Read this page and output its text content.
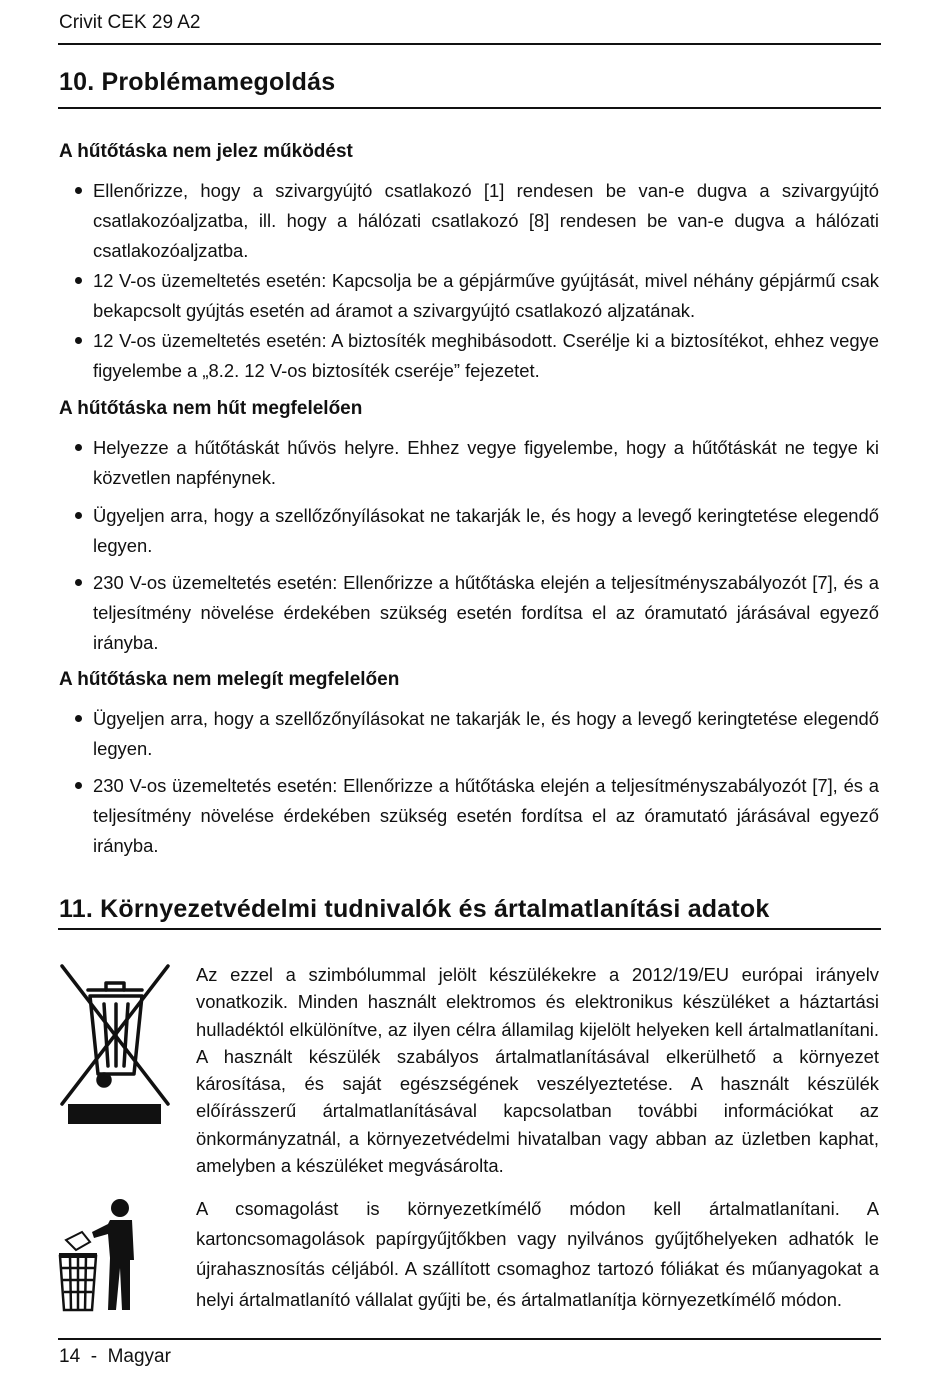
Crivit CEK 29 A2
10. Problémamegoldás
A hűtőtáska nem jelez működést
Ellenőrizze, hogy a szivargyújtó csatlakozó [1] rendesen be van-e dugva a szivargyújtó csatlakozóaljzatba, ill. hogy a hálózati csatlakozó [8] rendesen be van-e dugva a hálózati csatlakozóaljzatba.
12 V-os üzemeltetés esetén: Kapcsolja be a gépjárműve gyújtását, mivel néhány gépjármű csak bekapcsolt gyújtás esetén ad áramot a szivargyújtó csatlakozó aljzatának.
12 V-os üzemeltetés esetén: A biztosíték meghibásodott. Cserélje ki a biztosítékot, ehhez vegye figyelembe a „8.2. 12 V-os biztosíték cseréje” fejezetet.
A hűtőtáska nem hűt megfelelően
Helyezze a hűtőtáskát hűvös helyre. Ehhez vegye figyelembe, hogy a hűtőtáskát ne tegye ki közvetlen napfénynek.
Ügyeljen arra, hogy a szellőzőnyílásokat ne takarják le, és hogy a levegő keringtetése elegendő legyen.
230 V-os üzemeltetés esetén: Ellenőrizze a hűtőtáska elején a teljesítményszabályozót [7], és a teljesítmény növelése érdekében szükség esetén fordítsa el az óramutató járásával egyező irányba.
A hűtőtáska nem melegít megfelelően
Ügyeljen arra, hogy a szellőzőnyílásokat ne takarják le, és hogy a levegő keringtetése elegendő legyen.
230 V-os üzemeltetés esetén: Ellenőrizze a hűtőtáska elején a teljesítményszabályozót [7], és a teljesítmény növelése érdekében szükség esetén fordítsa el az óramutató járásával egyező irányba.
11. Környezetvédelmi tudnivalók és ártalmatlanítási adatok
Az ezzel a szimbólummal jelölt készülékekre a 2012/19/EU európai irányelv vonatkozik. Minden használt elektromos és elektronikus készüléket a háztartási hulladéktól elkülönítve, az ilyen célra államilag kijelölt helyeken kell ártalmatlanítani. A használt készülék szabályos ártalmatlanításával elkerülhető a környezet károsítása, és saját egészségének veszélyeztetése. A használt készülék előírásszerű ártalmatlanításával kapcsolatban további információkat az önkormányzatnál, a környezetvédelmi hivatalban vagy abban az üzletben kaphat, amelyben a készüléket megvásárolta.
A csomagolást is környezetkímélő módon kell ártalmatlanítani. A kartoncsomagolások papírgyűjtőkben vagy nyilvános gyűjtőhelyeken adhatók le újrahasznosítás céljából. A szállított csomaghoz tartozó fóliákat és műanyagokat a helyi ártalmatlanító vállalat gyűjti be, és ártalmatlanítja környezetkímélő módon.
14  -  Magyar
